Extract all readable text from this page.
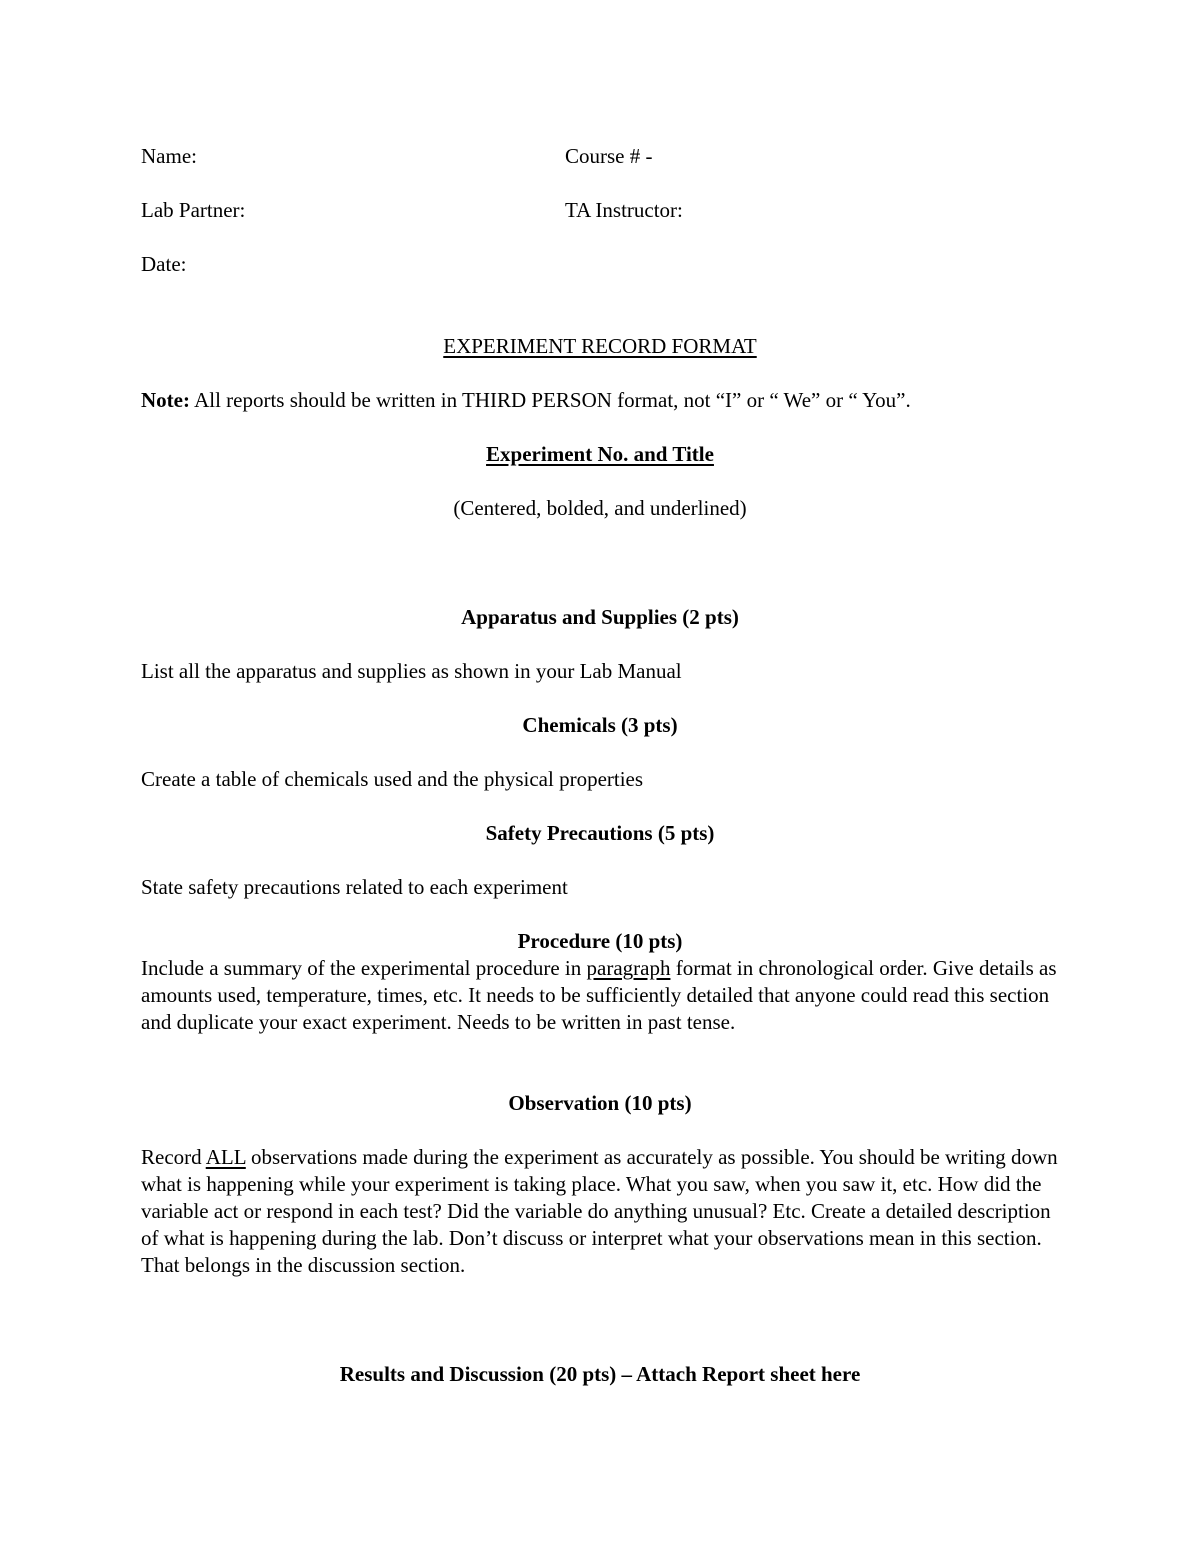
Name:	Course # -
Lab Partner:	TA Instructor:
Date:
EXPERIMENT RECORD FORMAT
Note: All reports should be written in THIRD PERSON format, not “I” or “ We” or “ You”.
Experiment No. and Title
(Centered, bolded, and underlined)
Apparatus and Supplies (2 pts)
List all the apparatus and supplies as shown in your Lab Manual
Chemicals (3 pts)
Create a table of chemicals used and the physical properties
Safety Precautions (5 pts)
State safety precautions related to each experiment
Procedure (10 pts)
Include a summary of the experimental procedure in paragraph format in chronological order. Give details as amounts used, temperature, times, etc. It needs to be sufficiently detailed that anyone could read this section and duplicate your exact experiment. Needs to be written in past tense.
Observation (10 pts)
Record ALL observations made during the experiment as accurately as possible. You should be writing down what is happening while your experiment is taking place. What you saw, when you saw it, etc. How did the variable act or respond in each test? Did the variable do anything unusual? Etc. Create a detailed description of what is happening during the lab. Don’t discuss or interpret what your observations mean in this section. That belongs in the discussion section.
Results and Discussion (20 pts) – Attach Report sheet here
